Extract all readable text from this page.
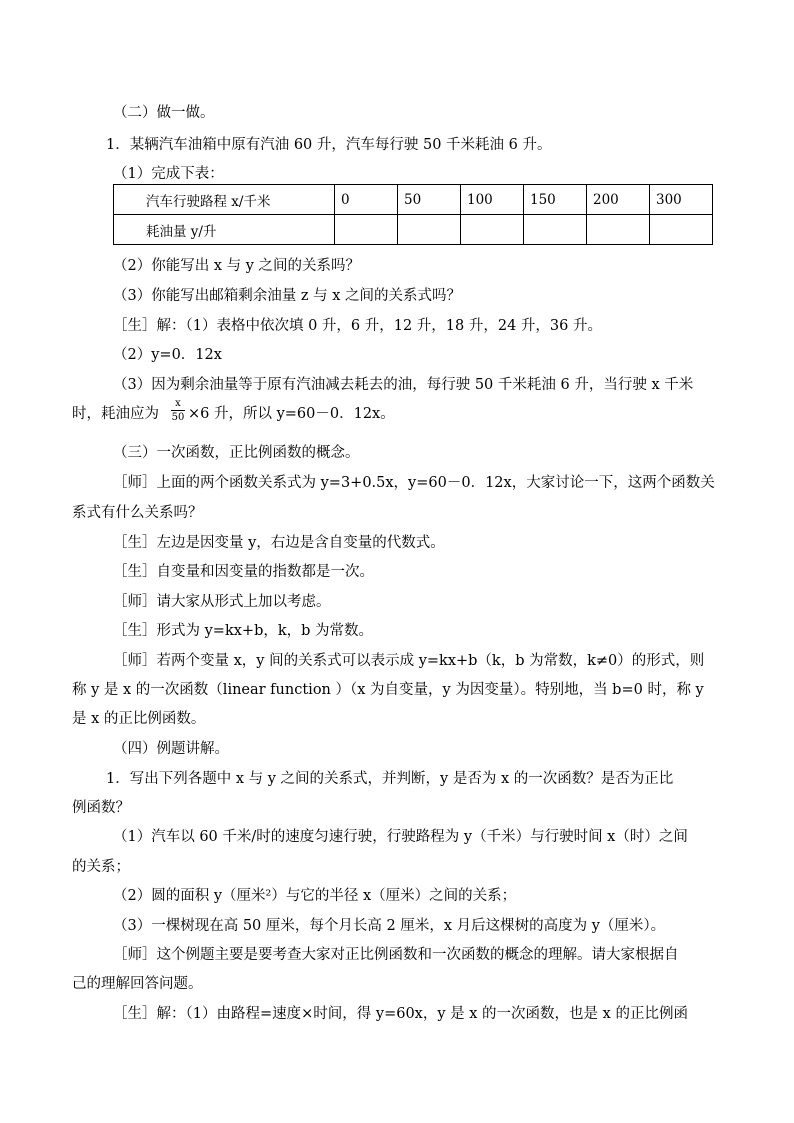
（二）做一做。
1．某辆汽车油箱中原有汽油 60 升，汽车每行驶 50 千米耗油 6 升。
（1）完成下表：
汽车行驶路程 x/千米	0	50	100	150	200	300
耗油量 y/升						
（2）你能写出 x 与 y 之间的关系吗？
（3）你能写出邮箱剩余油量 z 与 x 之间的关系式吗？
［生］解：（1）表格中依次填 0 升，6 升，12 升，18 升，24 升，36 升。
（2）y=0．12x
（3）因为剩余油量等于原有汽油减去耗去的油，每行驶 50 千米耗油 6 升，当行驶 x 千米
时，耗油应为
x
50 ×6 升，所以 y=60－0．12x。
（三）一次函数，正比例函数的概念。
［师］上面的两个函数关系式为 y=3+0.5x，y=60－0．12x，大家讨论一下，这两个函数关
系式有什么关系吗？
［生］左边是因变量 y，右边是含自变量的代数式。
［生］自变量和因变量的指数都是一次。
［师］请大家从形式上加以考虑。
［生］形式为 y=kx+b，k，b 为常数。
［师］若两个变量 x，y 间的关系式可以表示成 y=kx+b（k，b 为常数，k≠0）的形式，则
称 y 是 x 的一次函数（linear function ）（x 为自变量，y 为因变量）。特别地，当 b=0 时，称 y
是 x 的正比例函数。
（四）例题讲解。
1．写出下列各题中 x 与 y 之间的关系式，并判断，y 是否为 x 的一次函数？是否为正比
例函数？
（1）汽车以 60 千米/时的速度匀速行驶，行驶路程为 y（千米）与行驶时间 x（时）之间
的关系；
（2）圆的面积 y（厘米²）与它的半径 x（厘米）之间的关系；
（3）一棵树现在高 50 厘米，每个月长高 2 厘米，x 月后这棵树的高度为 y（厘米）。
［师］这个例题主要是要考查大家对正比例函数和一次函数的概念的理解。请大家根据自
己的理解回答问题。
［生］解：（1）由路程=速度×时间，得 y=60x，y 是 x 的一次函数，也是 x 的正比例函
